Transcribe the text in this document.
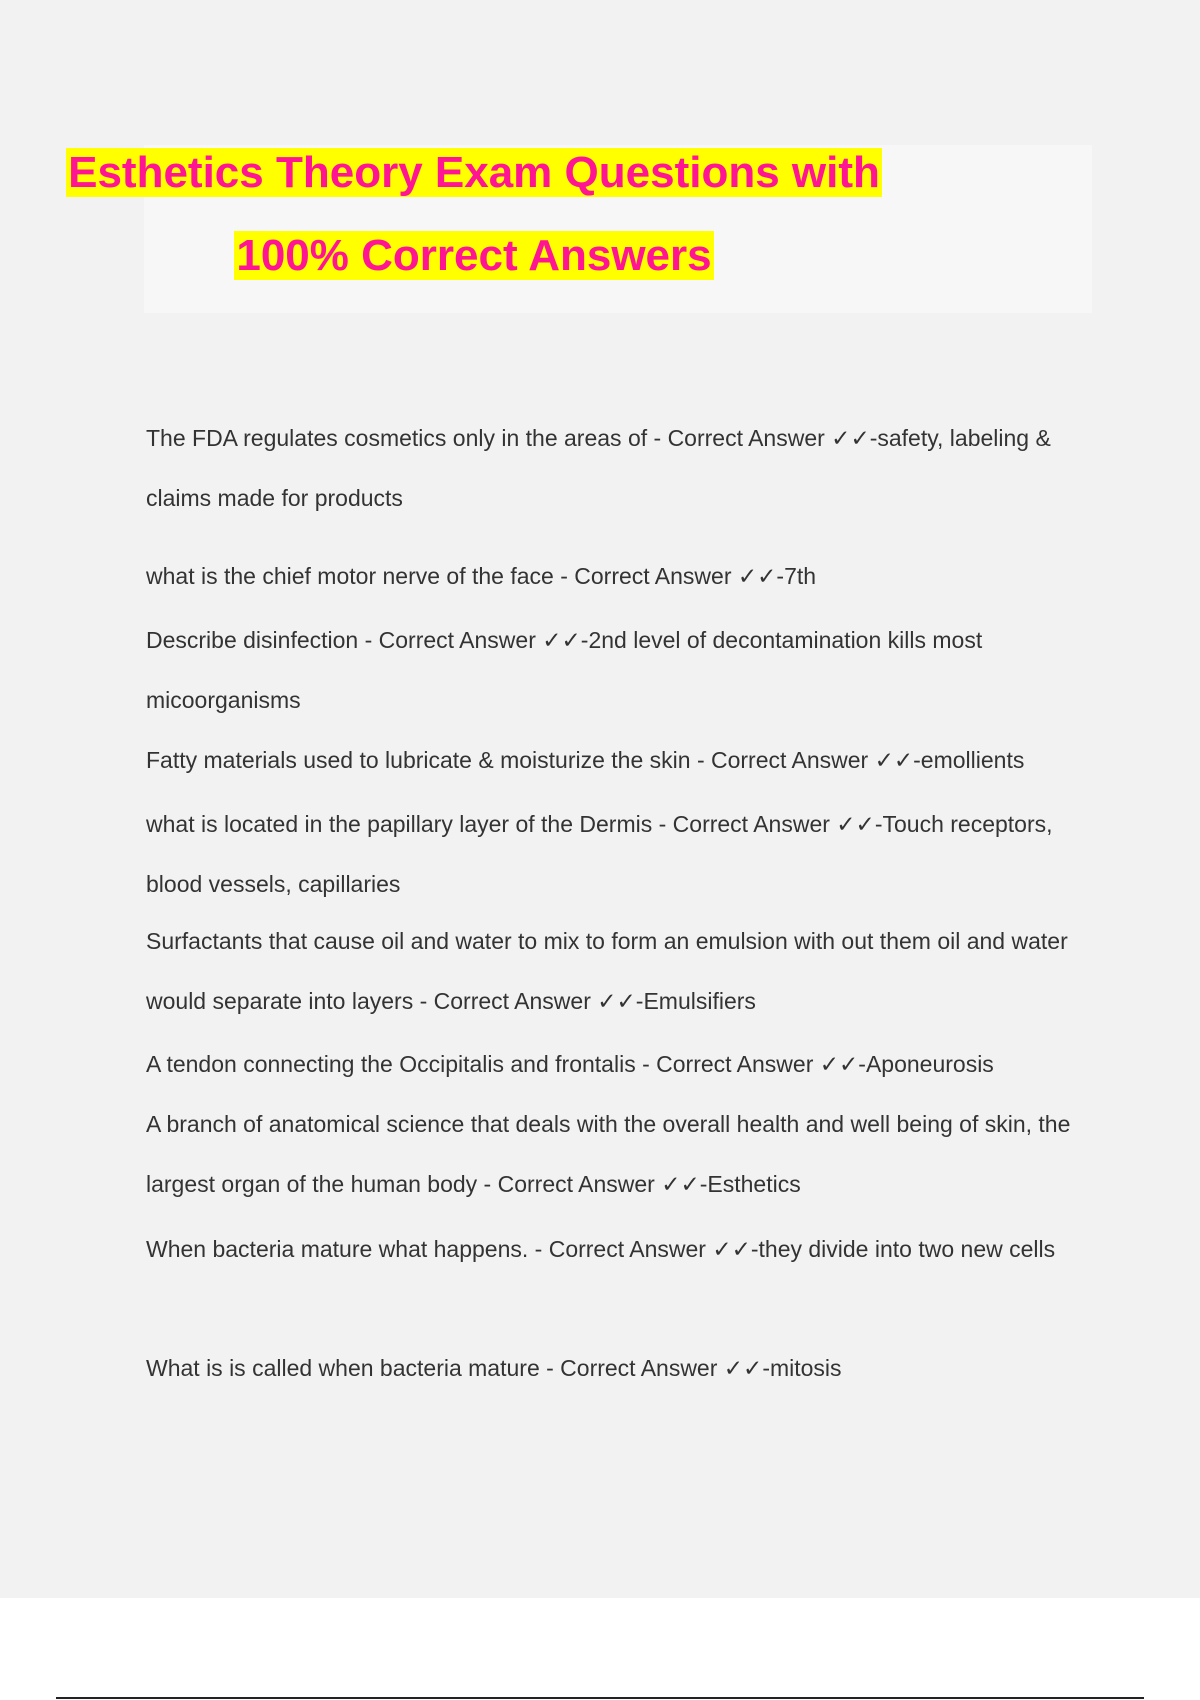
Esthetics Theory Exam Questions with
100% Correct Answers

The FDA regulates cosmetics only in the areas of - Correct Answer ✓✓-safety, labeling & claims made for products

what is the chief motor nerve of the face - Correct Answer ✓✓-7th

Describe disinfection - Correct Answer ✓✓-2nd level of decontamination kills most micoorganisms

Fatty materials used to lubricate & moisturize the skin - Correct Answer ✓✓-emollients

what is located in the papillary layer of the Dermis - Correct Answer ✓✓-Touch receptors, blood vessels, capillaries

Surfactants that cause oil and water to mix to form an emulsion with out them oil and water would separate into layers - Correct Answer ✓✓-Emulsifiers

A tendon connecting the Occipitalis and frontalis - Correct Answer ✓✓-Aponeurosis

A branch of anatomical science that deals with the overall health and well being of skin, the largest organ of the human body - Correct Answer ✓✓-Esthetics

When bacteria mature what happens. - Correct Answer ✓✓-they divide into two new cells

What is is called when bacteria mature - Correct Answer ✓✓-mitosis
